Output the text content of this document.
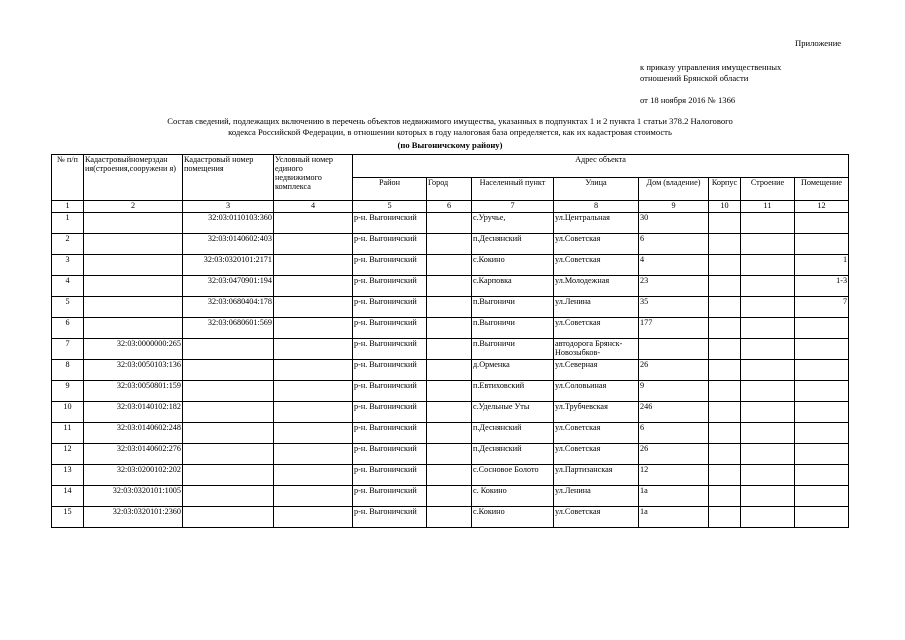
Приложение
к приказу управления имущественных
отношений Брянской области
от 18 ноября 2016 № 1366
Состав сведений, подлежащих включению в перечень объектов недвижимого имущества, указанных в подпунктах 1 и 2 пункта 1 статьи 378.2 Налогового
кодекса Российской Федерации, в отношении которых в году налоговая база определяется, как их кадастровая стоимость
(по Выгоничскому району)
№ п/п	Кадастровыйномерздан ия(строения,сооружени я)	Кадастровый номер помещения	Условный номер единого недвижимого комплекса	Адрес объекта							

				Район	Город	Населенный пункт	Улица	Дом (владение)	Корпус	Строение	Помещение

1	2	3	4	5	6	7	8	9	10	11	12

1		32:03:0110103:360		р-н. Выгоничский		с.Уручье,	ул.Центральная	30			

2		32:03:0140602:403		р-н. Выгоничский		п.Деснянский	ул.Советская	6			

3		32:03:0320101:2171		р-н. Выгоничский		с.Кокино	ул.Советская	4			1

4		32:03:0470901:194		р-н. Выгоничский		с.Карповка	ул.Молодежная	23			1-3

5		32:03:0680404:178		р-н. Выгоничский		п.Выгоничи	ул.Ленина	35			7

6		32:03:0680601:569		р-н. Выгоничский		п.Выгоничи	ул.Советская	177			

7	32:03:0000000:265			р-н. Выгоничский		п.Выгоничи	автодорога Брянск-Новозыбков-				

8	32:03:0050103:136			р-н. Выгоничский		д.Орменка	ул.Северная	26			

9	32:03:0050801:159			р-н. Выгоничский		п.Евтиховский	ул.Соловьиная	9			

10	32:03:0140102:182			р-н. Выгоничский		с.Удельные Уты	ул.Трубчевская	246			

11	32:03:0140602:248			р-н. Выгоничский		п.Деснянский	ул.Советская	6			

12	32:03:0140602:276			р-н. Выгоничский		п.Деснянский	ул.Советская	26			

13	32:03:0200102:202			р-н. Выгоничский		с.Сосновое Болото	ул.Партизанская	12			

14	32:03:0320101:1005			р-н. Выгоничский		с. Кокино	ул.Ленина	1а			

15	32:03:0320101:2360			р-н. Выгоничский		с.Кокино	ул.Советская	1а			
